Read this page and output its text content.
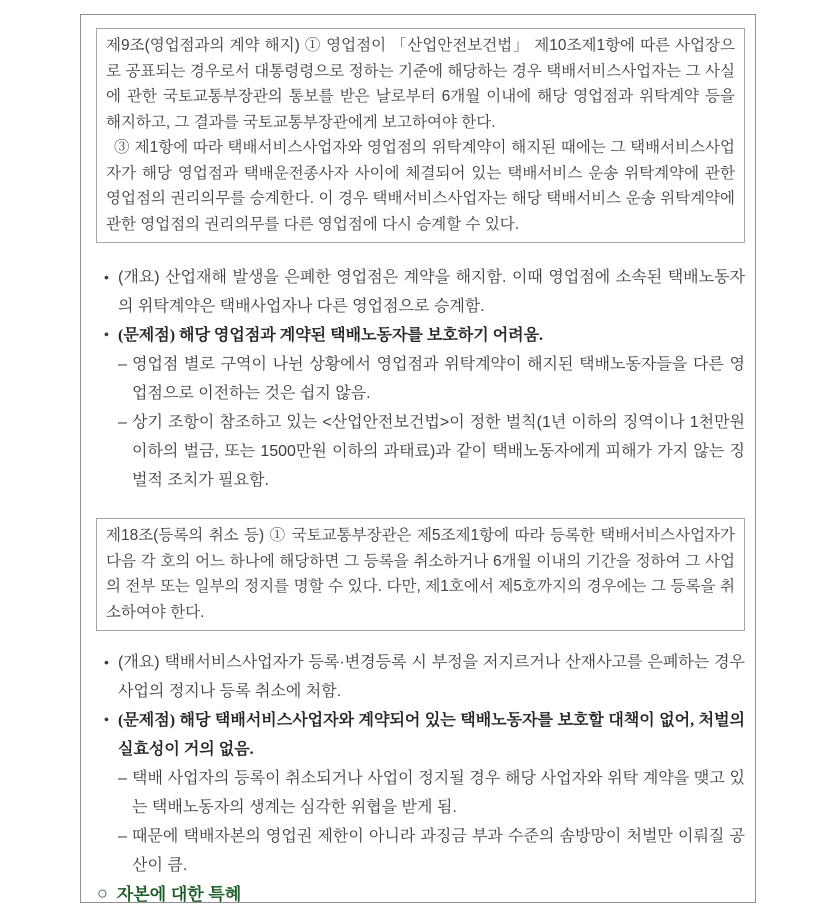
제9조(영업점과의 계약 해지) ① 영업점이 「산업안전보건법」 제10조제1항에 따른 사업장으로 공표되는 경우로서 대통령령으로 정하는 기준에 해당하는 경우 택배서비스사업자는 그 사실에 관한 국토교통부장관의 통보를 받은 날로부터 6개월 이내에 해당 영업점과 위탁계약 등을 해지하고, 그 결과를 국토교통부장관에게 보고하여야 한다.
③ 제1항에 따라 택배서비스사업자와 영업점의 위탁계약이 해지된 때에는 그 택배서비스사업자가 해당 영업점과 택배운전종사자 사이에 체결되어 있는 택배서비스 운송 위탁계약에 관한 영업점의 권리의무를 승계한다. 이 경우 택배서비스사업자는 해당 택배서비스 운송 위탁계약에 관한 영업점의 권리의무를 다른 영업점에 다시 승계할 수 있다.
• (개요) 산업재해 발생을 은폐한 영업점은 계약을 해지함. 이때 영업점에 소속된 택배노동자의 위탁계약은 택배사업자나 다른 영업점으로 승계함.
• (문제점) 해당 영업점과 계약된 택배노동자를 보호하기 어려움.
– 영업점 별로 구역이 나뉜 상황에서 영업점과 위탁계약이 해지된 택배노동자들을 다른 영업점으로 이전하는 것은 쉽지 않음.
– 상기 조항이 참조하고 있는 <산업안전보건법>이 정한 벌칙(1년 이하의 징역이나 1천만원 이하의 벌금, 또는 1500만원 이하의 과태료)과 같이 택배노동자에게 피해가 가지 않는 징벌적 조치가 필요함.
제18조(등록의 취소 등) ① 국토교통부장관은 제5조제1항에 따라 등록한 택배서비스사업자가 다음 각 호의 어느 하나에 해당하면 그 등록을 취소하거나 6개월 이내의 기간을 정하여 그 사업의 전부 또는 일부의 정지를 명할 수 있다. 다만, 제1호에서 제5호까지의 경우에는 그 등록을 취소하여야 한다.
• (개요) 택배서비스사업자가 등록·변경등록 시 부정을 저지르거나 산재사고를 은폐하는 경우 사업의 정지나 등록 취소에 처함.
• (문제점) 해당 택배서비스사업자와 계약되어 있는 택배노동자를 보호할 대책이 없어, 처벌의 실효성이 거의 없음.
– 택배 사업자의 등록이 취소되거나 사업이 정지될 경우 해당 사업자와 위탁 계약을 맺고 있는 택배노동자의 생계는 심각한 위협을 받게 됨.
– 때문에 택배자본의 영업권 제한이 아니라 과징금 부과 수준의 솜방망이 처벌만 이뤄질 공산이 큼.
○ 자본에 대한 특혜
